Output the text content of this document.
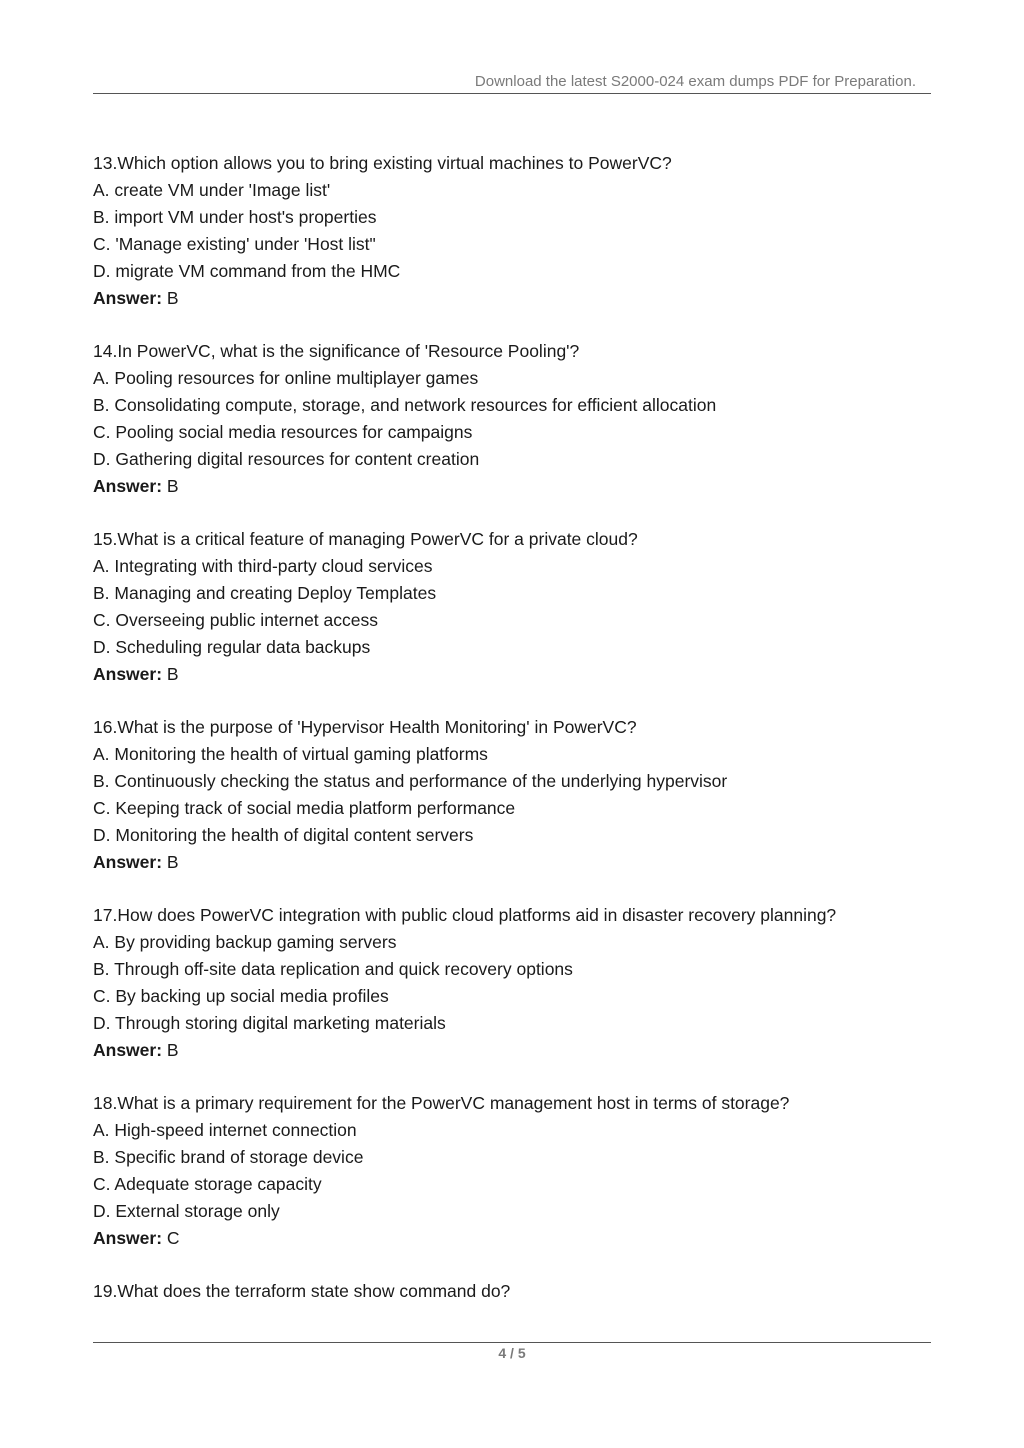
Download the latest S2000-024 exam dumps PDF for Preparation.
13.Which option allows you to bring existing virtual machines to PowerVC?
A. create VM under 'Image list'
B. import VM under host's properties
C. 'Manage existing' under 'Host list"
D. migrate VM command from the HMC
Answer: B
14.In PowerVC, what is the significance of 'Resource Pooling'?
A. Pooling resources for online multiplayer games
B. Consolidating compute, storage, and network resources for efficient allocation
C. Pooling social media resources for campaigns
D. Gathering digital resources for content creation
Answer: B
15.What is a critical feature of managing PowerVC for a private cloud?
A. Integrating with third-party cloud services
B. Managing and creating Deploy Templates
C. Overseeing public internet access
D. Scheduling regular data backups
Answer: B
16.What is the purpose of 'Hypervisor Health Monitoring' in PowerVC?
A. Monitoring the health of virtual gaming platforms
B. Continuously checking the status and performance of the underlying hypervisor
C. Keeping track of social media platform performance
D. Monitoring the health of digital content servers
Answer: B
17.How does PowerVC integration with public cloud platforms aid in disaster recovery planning?
A. By providing backup gaming servers
B. Through off-site data replication and quick recovery options
C. By backing up social media profiles
D. Through storing digital marketing materials
Answer: B
18.What is a primary requirement for the PowerVC management host in terms of storage?
A. High-speed internet connection
B. Specific brand of storage device
C. Adequate storage capacity
D. External storage only
Answer: C
19.What does the terraform state show command do?
4 / 5
